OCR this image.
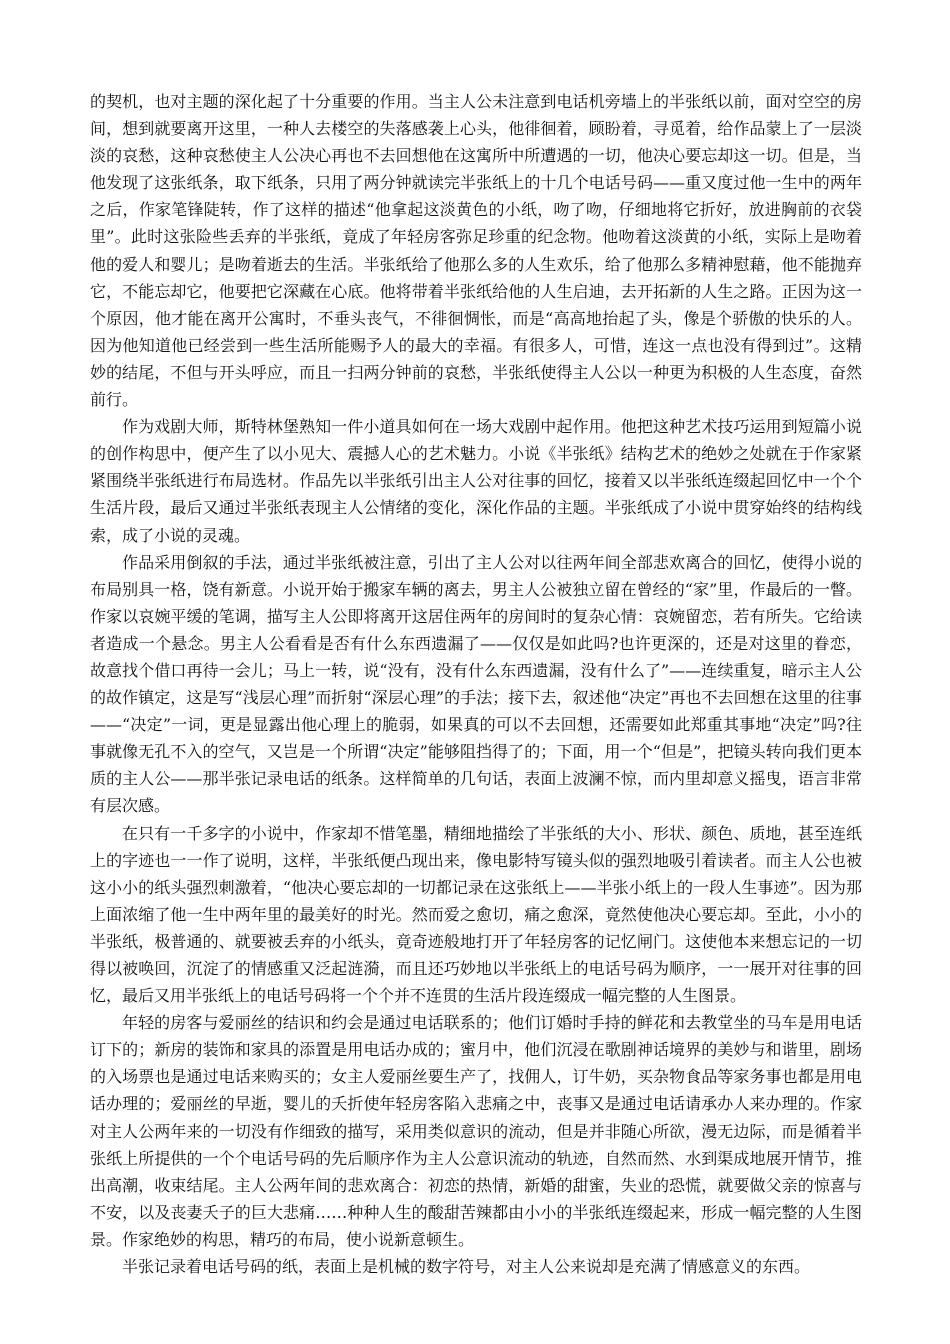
的契机，也对主题的深化起了十分重要的作用。当主人公未注意到电话机旁墙上的半张纸以前，面对空空的房间，想到就要离开这里，一种人去楼空的失落感袭上心头，他徘徊着，顾盼着，寻觅着，给作品蒙上了一层淡淡的哀愁，这种哀愁使主人公决心再也不去回想他在这寓所中所遭遇的一切，他决心要忘却这一切。但是，当他发现了这张纸条，取下纸条，只用了两分钟就读完半张纸上的十几个电话号码——重又度过他一生中的两年之后，作家笔锋陡转，作了这样的描述“他拿起这淡黄色的小纸，吻了吻，仔细地将它折好，放进胸前的衣袋里”。此时这张险些丢弃的半张纸，竟成了年轻房客弥足珍重的纪念物。他吻着这淡黄的小纸，实际上是吻着他的爱人和婴儿；是吻着逝去的生活。半张纸给了他那么多的人生欢乐，给了他那么多精神慰藉，他不能抛弃它，不能忘却它，他要把它深藏在心底。他将带着半张纸给他的人生启迪，去开拓新的人生之路。正因为这一个原因，他才能在离开公寓时，不垂头丧气，不徘徊惆怅，而是“高高地抬起了头，像是个骄傲的快乐的人。因为他知道他已经尝到一些生活所能赐予人的最大的幸福。有很多人，可惜，连这一点也没有得到过”。这精妙的结尾，不但与开头呼应，而且一扫两分钟前的哀愁，半张纸使得主人公以一种更为积极的人生态度，奋然前行。

作为戏剧大师，斯特林堡熟知一件小道具如何在一场大戏剧中起作用。他把这种艺术技巧运用到短篇小说的创作构思中，便产生了以小见大、震撼人心的艺术魅力。小说《半张纸》结构艺术的绝妙之处就在于作家紧紧围绕半张纸进行布局选材。作品先以半张纸引出主人公对往事的回忆，接着又以半张纸连缀起回忆中一个个生活片段，最后又通过半张纸表现主人公情绪的变化，深化作品的主题。半张纸成了小说中贯穿始终的结构线索，成了小说的灵魂。

作品采用倒叙的手法，通过半张纸被注意，引出了主人公对以往两年间全部悲欢离合的回忆，使得小说的布局别具一格，饶有新意。小说开始于搬家车辆的离去，男主人公被独立留在曾经的“家”里，作最后的一瞥。作家以哀婉平缓的笔调，描写主人公即将离开这居住两年的房间时的复杂心情：哀婉留恋，若有所失。它给读者造成一个悬念。男主人公看看是否有什么东西遗漏了——仅仅是如此吗?也许更深的，还是对这里的眷恋，故意找个借口再待一会儿；马上一转，说“没有，没有什么东西遗漏，没有什么了”——连续重复，暗示主人公的故作镇定，这是写“浅层心理”而折射“深层心理”的手法；接下去，叙述他“决定”再也不去回想在这里的往事——“决定”一词，更是显露出他心理上的脆弱，如果真的可以不去回想，还需要如此郑重其事地“决定”吗?往事就像无孔不入的空气，又岂是一个所谓“决定”能够阻挡得了的；下面，用一个“但是”，把镜头转向我们更本质的主人公——那半张记录电话的纸条。这样简单的几句话，表面上波澜不惊，而内里却意义摇曳，语言非常有层次感。

在只有一千多字的小说中，作家却不惜笔墨，精细地描绘了半张纸的大小、形状、颜色、质地，甚至连纸上的字迹也一一作了说明，这样，半张纸便凸现出来，像电影特写镜头似的强烈地吸引着读者。而主人公也被这小小的纸头强烈刺激着，“他决心要忘却的一切都记录在这张纸上——半张小纸上的一段人生事迹”。因为那上面浓缩了他一生中两年里的最美好的时光。然而爱之愈切，痛之愈深，竟然使他决心要忘却。至此，小小的半张纸，极普通的、就要被丢弃的小纸头，竟奇迹般地打开了年轻房客的记忆闸门。这使他本来想忘记的一切得以被唤回，沉淀了的情感重又泛起涟漪，而且还巧妙地以半张纸上的电话号码为顺序，一一展开对往事的回忆，最后又用半张纸上的电话号码将一个个并不连贯的生活片段连缀成一幅完整的人生图景。

年轻的房客与爱丽丝的结识和约会是通过电话联系的；他们订婚时手持的鲜花和去教堂坐的马车是用电话订下的；新房的装饰和家具的添置是用电话办成的；蜜月中，他们沉浸在歌剧神话境界的美妙与和谐里，剧场的入场票也是通过电话来购买的；女主人爱丽丝要生产了，找佣人，订牛奶，买杂物食品等家务事也都是用电话办理的；爱丽丝的早逝，婴儿的夭折使年轻房客陷入悲痛之中，丧事又是通过电话请承办人来办理的。作家对主人公两年来的一切没有作细致的描写，采用类似意识的流动，但是并非随心所欲，漫无边际，而是循着半张纸上所提供的一个个电话号码的先后顺序作为主人公意识流动的轨迹，自然而然、水到渠成地展开情节，推出高潮，收束结尾。主人公两年间的悲欢离合：初恋的热情，新婚的甜蜜，失业的恐慌，就要做父亲的惊喜与不安，以及丧妻夭子的巨大悲痛……种种人生的酸甜苦辣都由小小的半张纸连缀起来，形成一幅完整的人生图景。作家绝妙的构思，精巧的布局，使小说新意顿生。

半张记录着电话号码的纸，表面上是机械的数字符号，对主人公来说却是充满了情感意义的东西。
